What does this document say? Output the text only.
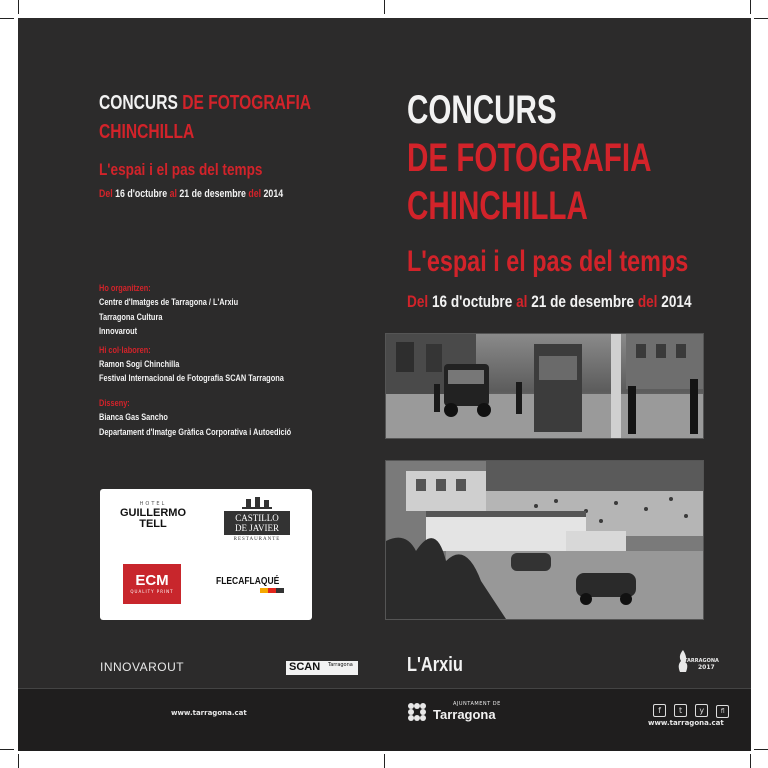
CONCURS DE FOTOGRAFIA
CHINCHILLA
L'espai i el pas del temps
Del 16 d'octubre al 21 de desembre del 2014
Ho organitzen:
Centre d'Imatges de Tarragona / L'Arxiu
Tarragona Cultura
Innovarout
Hi col·laboren:
Ramon Sogi Chinchilla
Festival Internacional de Fotografia SCAN Tarragona
Disseny:
Bianca Gas Sancho
Departament d'Imatge Gràfica Corporativa i Autoedició
HOTEL
GUILLERMO
TELL	CASTILLO
DE JAVIER
RESTAURANTE
ECM
QUALITY PRINT
FLECAFLAQUÉ
CONCURS
DE FOTOGRAFIA
CHINCHILLA
L'espai i el pas del temps
Del 16 d'octubre al 21 de desembre del 2014
INNOVAROUT	SCAN Tarragona	L'Arxiu	TARRAGONA
2017
www.tarragona.cat
AJUNTAMENT DE
Tarragona	f t y	fl
www.tarragona.cat
